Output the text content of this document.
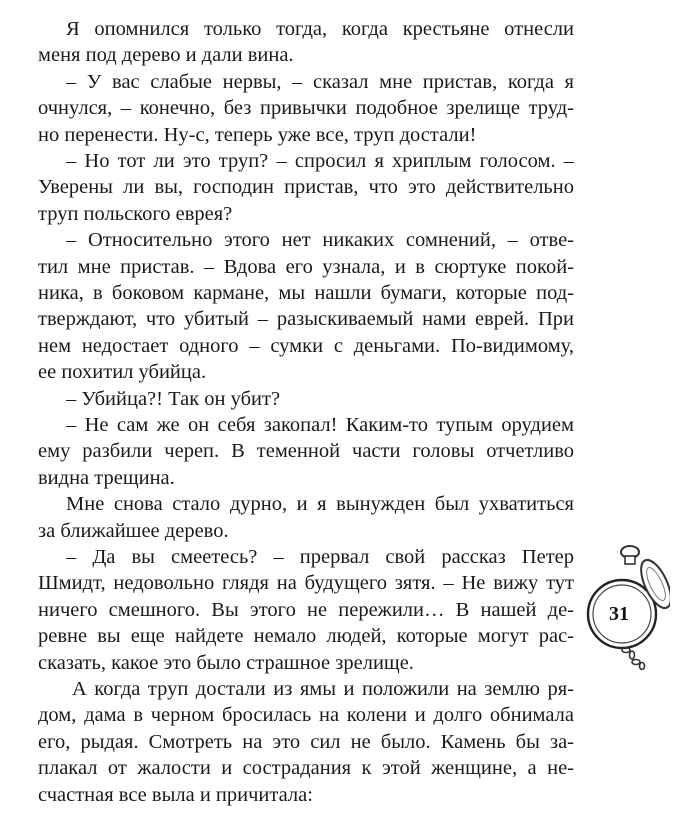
Я опомнился только тогда, когда крестьяне отнесли
меня под дерево и дали вина.
– У вас слабые нервы, – сказал мне пристав, когда я
очнулся, – конечно, без привычки подобное зрелище труд-
но перенести. Ну-с, теперь уже все, труп достали!
– Но тот ли это труп? – спросил я хриплым голосом. –
Уверены ли вы, господин пристав, что это действительно
труп польского еврея?
– Относительно этого нет никаких сомнений, – отве-
тил мне пристав. – Вдова его узнала, и в сюртуке покой-
ника, в боковом кармане, мы нашли бумаги, которые под-
тверждают, что убитый – разыскиваемый нами еврей. При
нем недостает одного – сумки с деньгами. По-видимому,
ее похитил убийца.
– Убийца?! Так он убит?
– Не сам же он себя закопал! Каким-то тупым орудием
ему разбили череп. В теменной части головы отчетливо
видна трещина.
Мне снова стало дурно, и я вынужден был ухватиться
за ближайшее дерево.
– Да вы смеетесь? – прервал свой рассказ Петер
Шмидт, недовольно глядя на будущего зятя. – Не вижу тут
ничего смешного. Вы этого не пережили… В нашей де-
ревне вы еще найдете немало людей, которые могут рас-
сказать, какое это было страшное зрелище.
А когда труп достали из ямы и положили на землю ря-
дом, дама в черном бросилась на колени и долго обнимала
его, рыдая. Смотреть на это сил не было. Камень бы за-
плакал от жалости и сострадания к этой женщине, а не-
счастная все выла и причитала:
31
